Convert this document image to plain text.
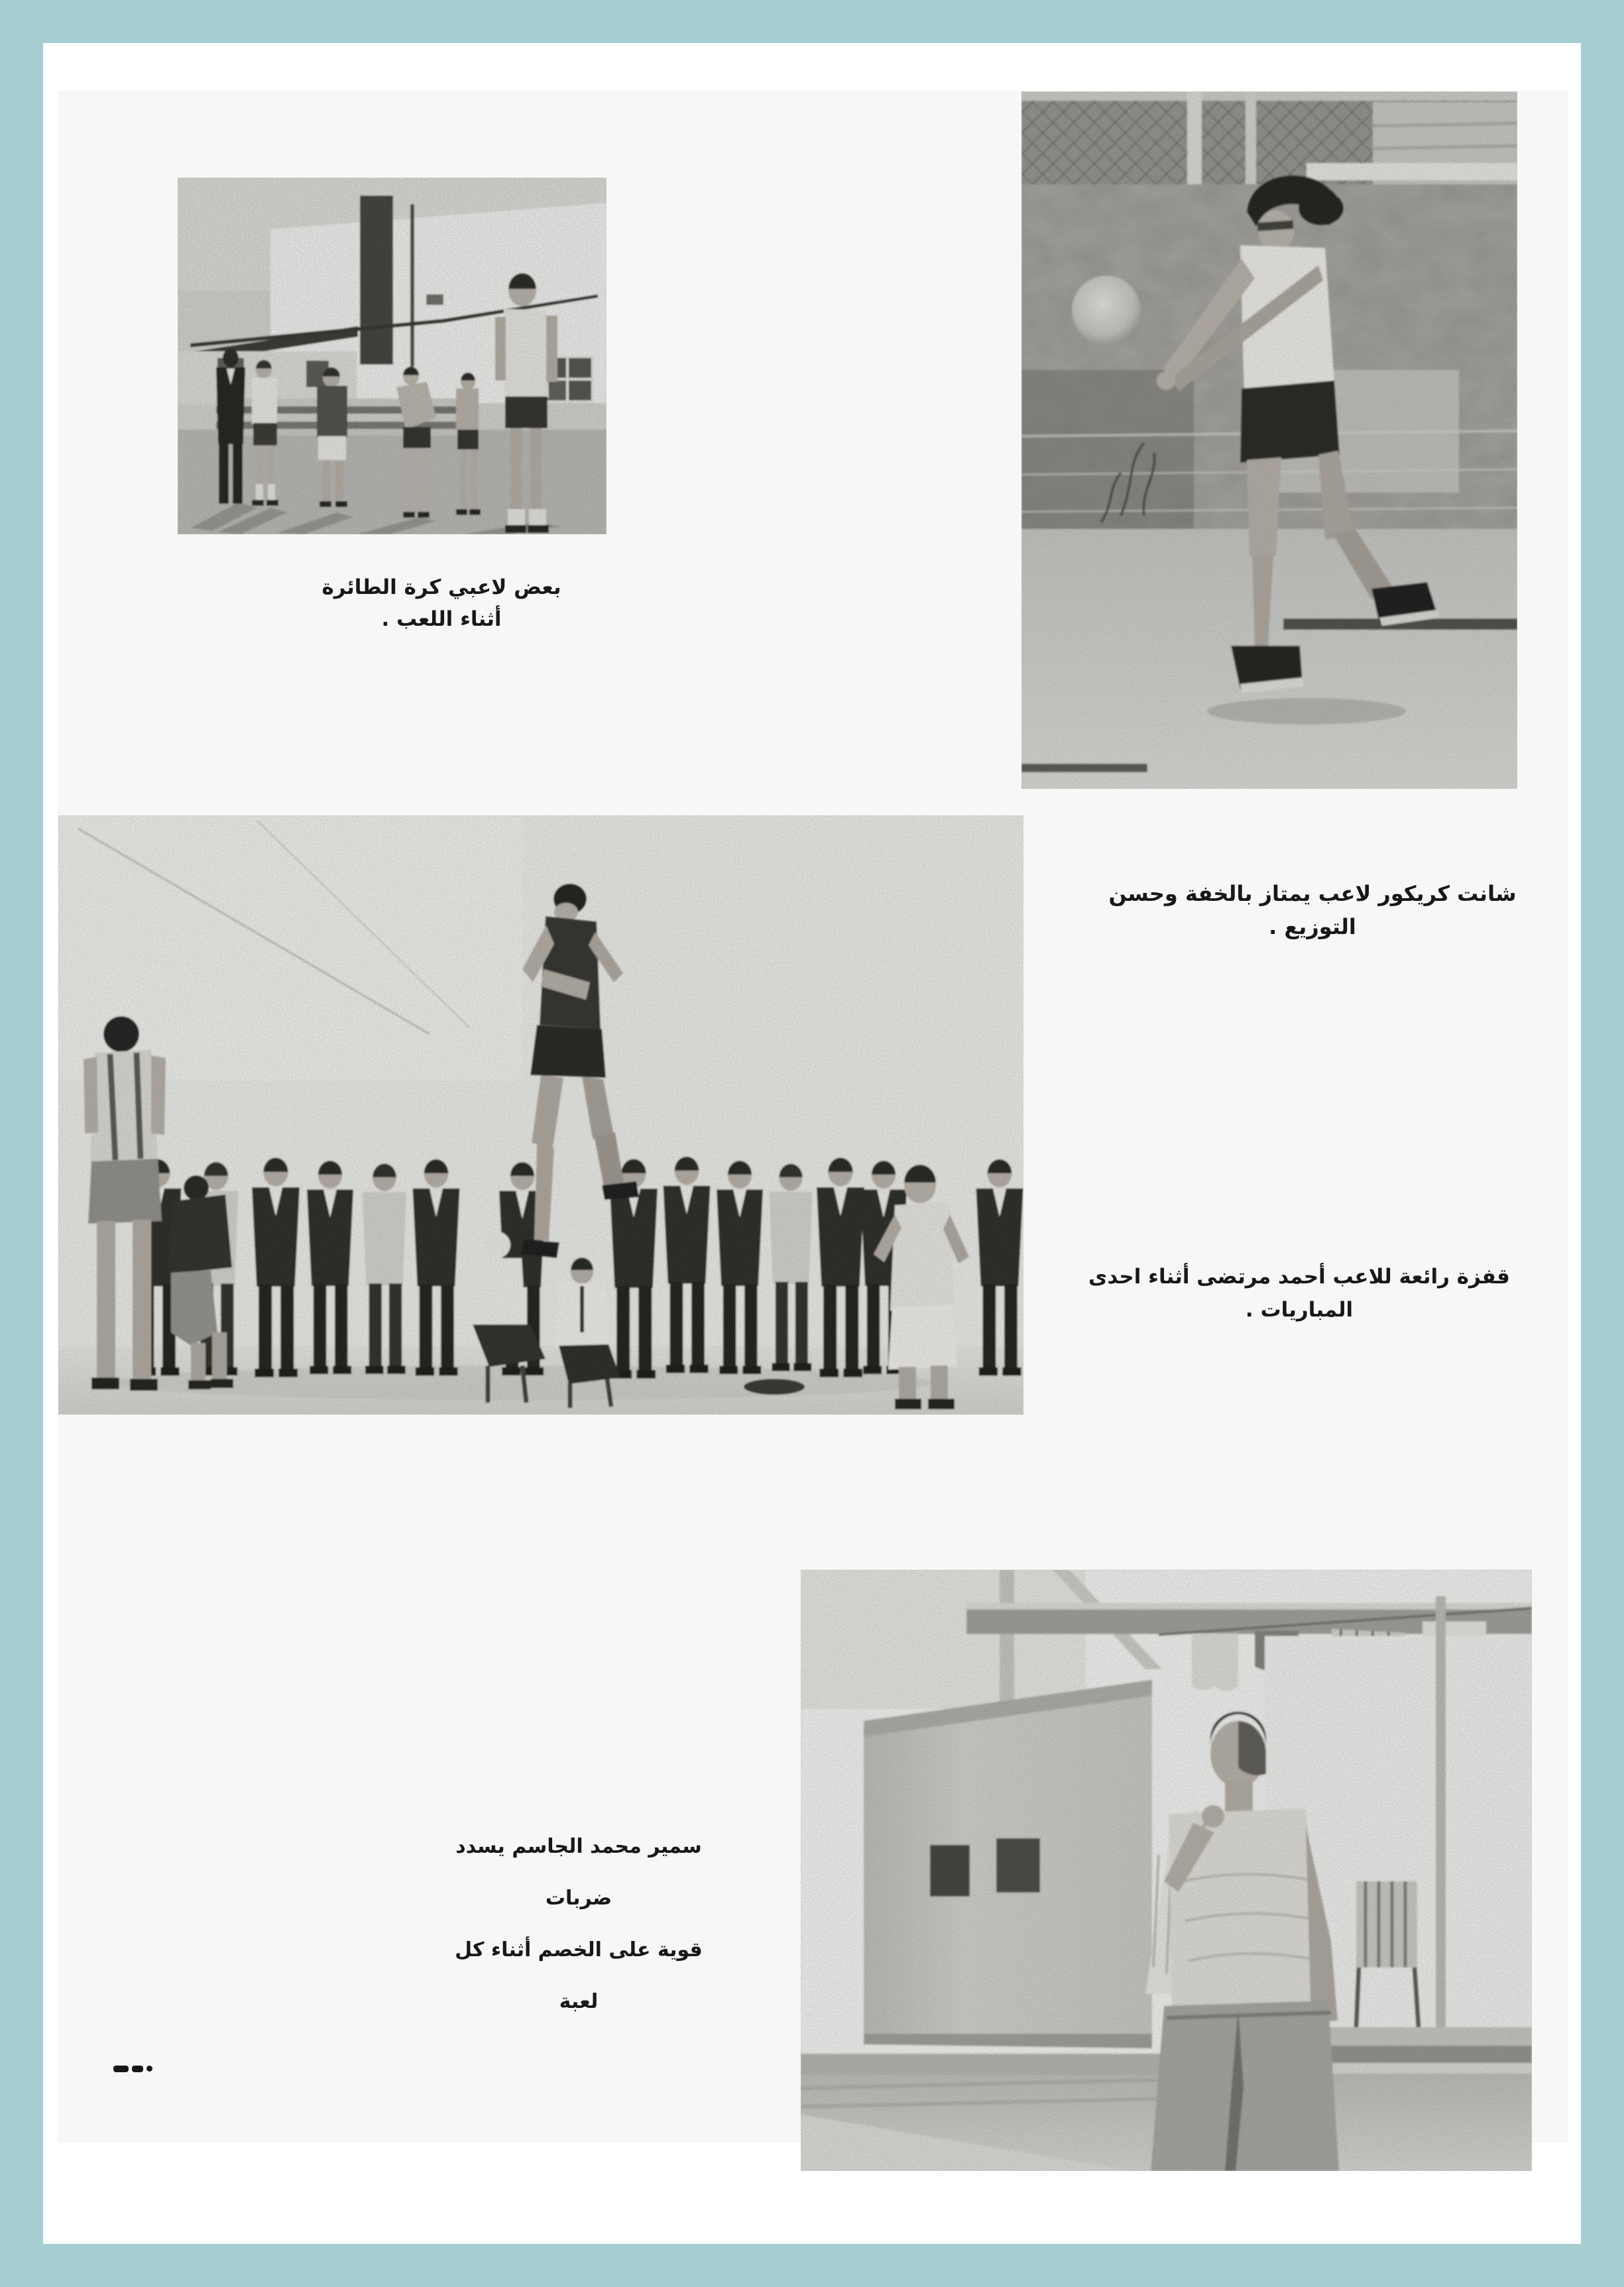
بعض لاعبي كرة الطائرة أثناء اللعب .
شانت كريكور لاعب يمتاز بالخفة وحسن التوزيع .
قفزة رائعة للاعب أحمد مرتضى أثناء احدى المباريات .
سمير محمد الجاسم يسدد ضربات
قوية على الخصم أثناء كل لعبة
